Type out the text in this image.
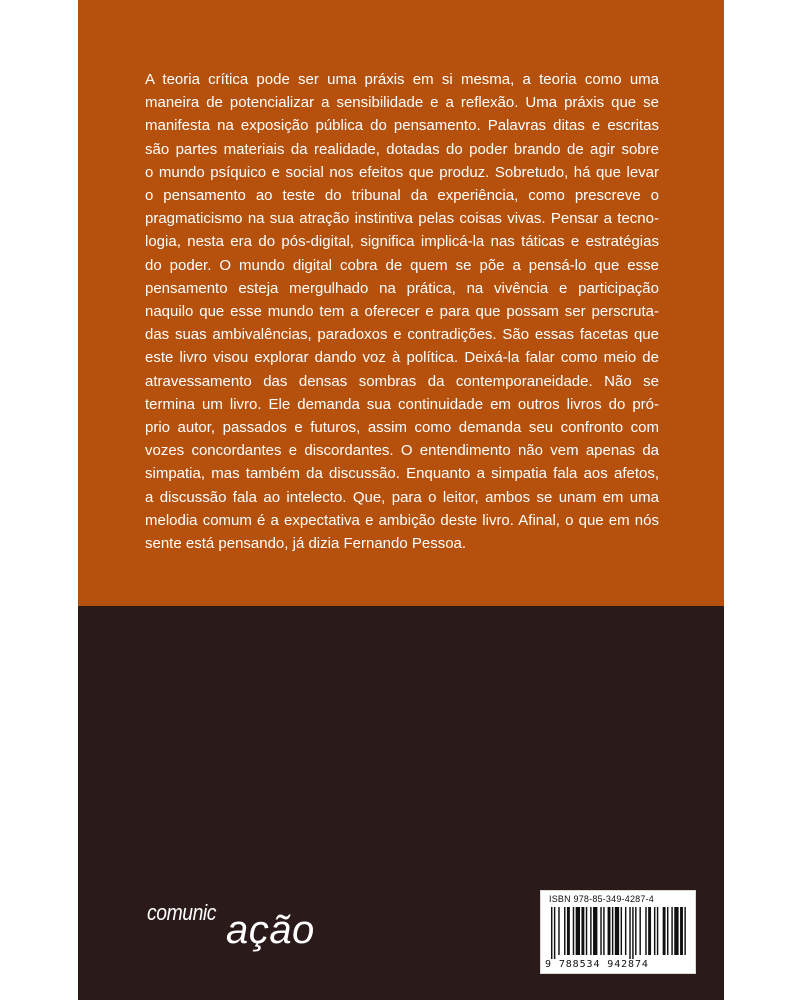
A teoria crítica pode ser uma práxis em si mesma, a teoria como uma
maneira de potencializar a sensibilidade e a reflexão. Uma práxis que se
manifesta na exposição pública do pensamento. Palavras ditas e escritas
são partes materiais da realidade, dotadas do poder brando de agir sobre
o mundo psíquico e social nos efeitos que produz. Sobretudo, há que levar
o pensamento ao teste do tribunal da experiência, como prescreve o
pragmaticismo na sua atração instintiva pelas coisas vivas. Pensar a tecno-
logia, nesta era do pós-digital, significa implicá-la nas táticas e estratégias
do poder. O mundo digital cobra de quem se põe a pensá-lo que esse
pensamento esteja mergulhado na prática, na vivência e participação
naquilo que esse mundo tem a oferecer e para que possam ser perscruta-
das suas ambivalências, paradoxos e contradições. São essas facetas que
este livro visou explorar dando voz à política. Deixá-la falar como meio de
atravessamento das densas sombras da contemporaneidade. Não se
termina um livro. Ele demanda sua continuidade em outros livros do pró-
prio autor, passados e futuros, assim como demanda seu confronto com
vozes concordantes e discordantes. O entendimento não vem apenas da
simpatia, mas também da discussão. Enquanto a simpatia fala aos afetos,
a discussão fala ao intelecto. Que, para o leitor, ambos se unam em uma
melodia comum é a expectativa e ambição deste livro. Afinal, o que em nós
sente está pensando, já dizia Fernando Pessoa.

comunic ação
ISBN 978-85-349-4287-4
9 788534 942874
